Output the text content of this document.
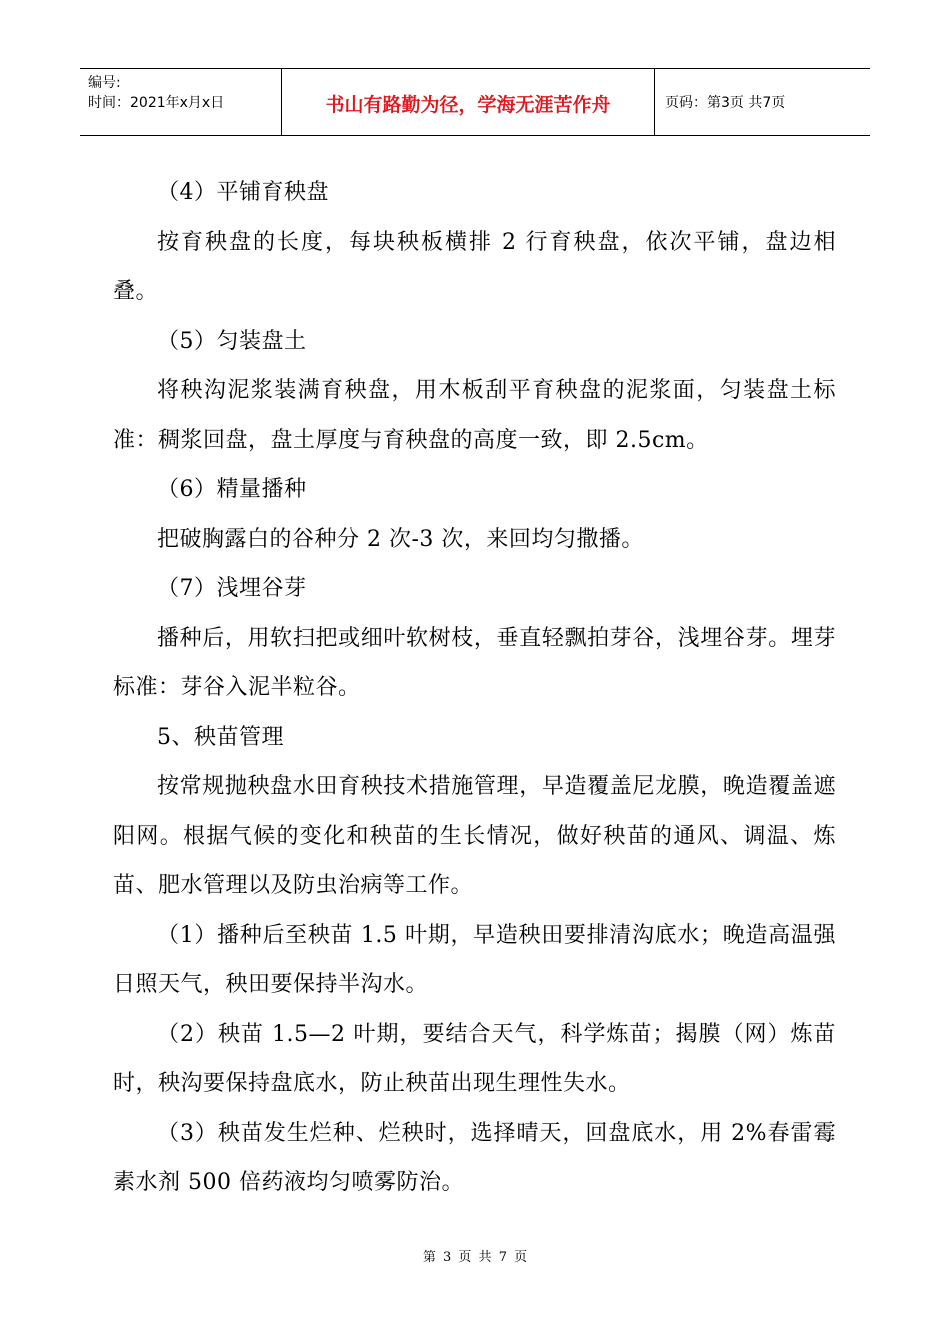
编号:
时间：2021年x月x日	书山有路勤为径，学海无涯苦作舟	页码：第3页 共7页

（4）平铺育秧盘

按育秧盘的长度，每块秧板横排 2 行育秧盘，依次平铺，盘边相叠。

（5）匀装盘土

将秧沟泥浆装满育秧盘，用木板刮平育秧盘的泥浆面，匀装盘土标准：稠浆回盘，盘土厚度与育秧盘的高度一致，即 2.5cm。

（6）精量播种

把破胸露白的谷种分 2 次-3 次，来回均匀撒播。

（7）浅埋谷芽

播种后，用软扫把或细叶软树枝，垂直轻飘拍芽谷，浅埋谷芽。埋芽标准：芽谷入泥半粒谷。

5、秧苗管理

按常规抛秧盘水田育秧技术措施管理，早造覆盖尼龙膜，晚造覆盖遮阳网。根据气候的变化和秧苗的生长情况，做好秧苗的通风、调温、炼苗、肥水管理以及防虫治病等工作。

（1）播种后至秧苗 1.5 叶期，早造秧田要排清沟底水；晚造高温强日照天气，秧田要保持半沟水。

（2）秧苗 1.5—2 叶期，要结合天气，科学炼苗；揭膜（网）炼苗时，秧沟要保持盘底水，防止秧苗出现生理性失水。

（3）秧苗发生烂种、烂秧时，选择晴天，回盘底水，用 2%春雷霉素水剂 500 倍药液均匀喷雾防治。

第 3 页 共 7 页
